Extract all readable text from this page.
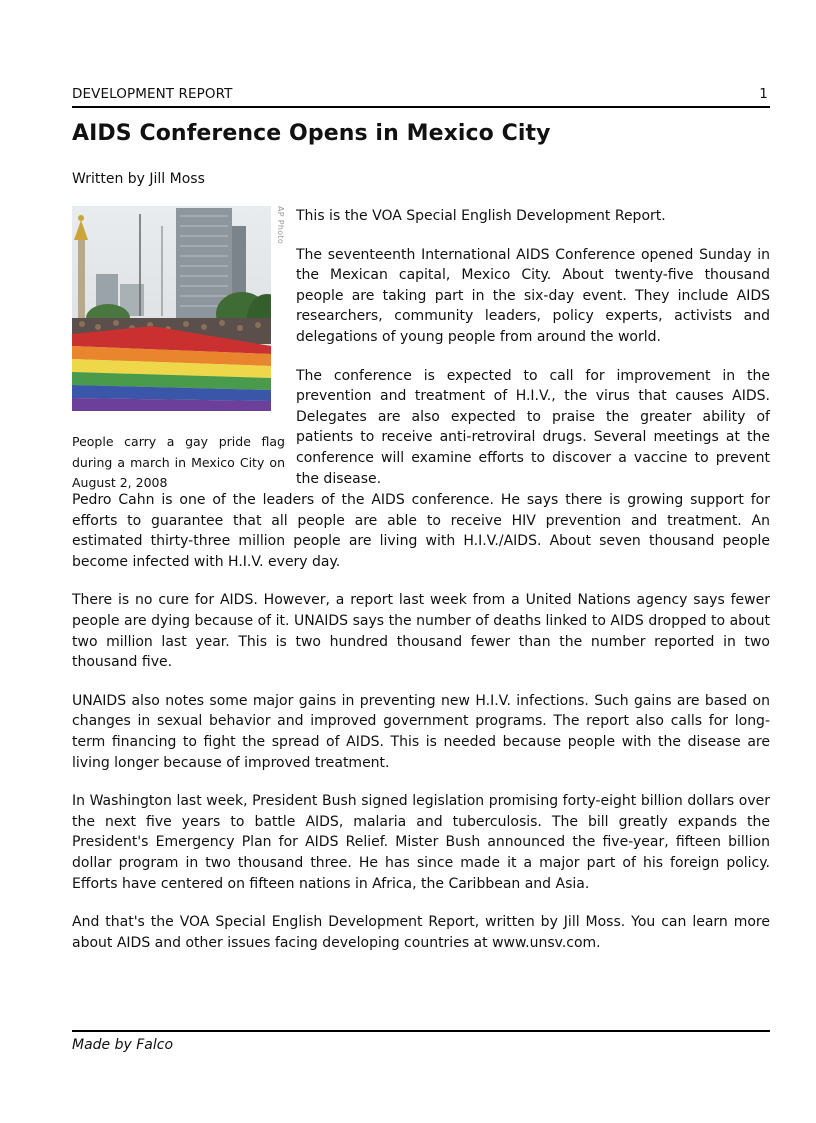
DEVELOPMENT REPORT	1
AIDS Conference Opens in Mexico City
Written by Jill Moss
AP Photo
People carry a gay pride flag during a march in Mexico City on August 2, 2008

This is the VOA Special English Development Report.

The seventeenth International AIDS Conference opened Sunday in the Mexican capital, Mexico City. About twenty-five thousand people are taking part in the six-day event. They include AIDS researchers, community leaders, policy experts, activists and delegations of young people from around the world.

The conference is expected to call for improvement in the prevention and treatment of H.I.V., the virus that causes AIDS. Delegates are also expected to praise the greater ability of patients to receive anti-retroviral drugs. Several meetings at the conference will examine efforts to discover a vaccine to prevent the disease.

Pedro Cahn is one of the leaders of the AIDS conference. He says there is growing support for efforts to guarantee that all people are able to receive HIV prevention and treatment. An estimated thirty-three million people are living with H.I.V./AIDS. About seven thousand people become infected with H.I.V. every day.

There is no cure for AIDS. However, a report last week from a United Nations agency says fewer people are dying because of it. UNAIDS says the number of deaths linked to AIDS dropped to about two million last year. This is two hundred thousand fewer than the number reported in two thousand five.

UNAIDS also notes some major gains in preventing new H.I.V. infections. Such gains are based on changes in sexual behavior and improved government programs. The report also calls for long-term financing to fight the spread of AIDS. This is needed because people with the disease are living longer because of improved treatment.

In Washington last week, President Bush signed legislation promising forty-eight billion dollars over the next five years to battle AIDS, malaria and tuberculosis. The bill greatly expands the President's Emergency Plan for AIDS Relief. Mister Bush announced the five-year, fifteen billion dollar program in two thousand three. He has since made it a major part of his foreign policy. Efforts have centered on fifteen nations in Africa, the Caribbean and Asia.

And that's the VOA Special English Development Report, written by Jill Moss. You can learn more about AIDS and other issues facing developing countries at www.unsv.com.

Made by Falco
